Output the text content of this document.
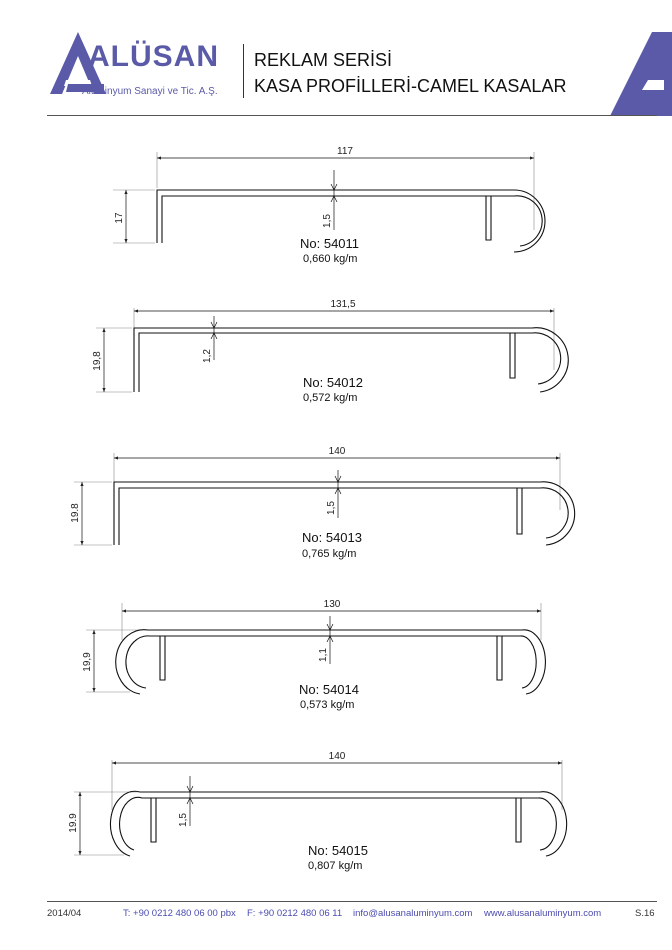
ALÜSAN
Alüminyum Sanayi ve Tic. A.Ş.
REKLAM SERİSİ
KASA PROFİLLERİ-CAMEL KASALAR
117
17	1,5
131,5
19,8	1,2
140
19.8	1,5
130
19,9	1,1
140
19.9	1,5
No: 54011
0,660 kg/m
No: 54012
0,572 kg/m
No: 54013
0,765 kg/m
No: 54014
0,573 kg/m
No: 54015
0,807 kg/m
2014/04	T: +90 0212 480 06 00 pbx F: +90 0212 480 06 11 info@alusanaluminyum.com www.alusanaluminyum.com	S.16
